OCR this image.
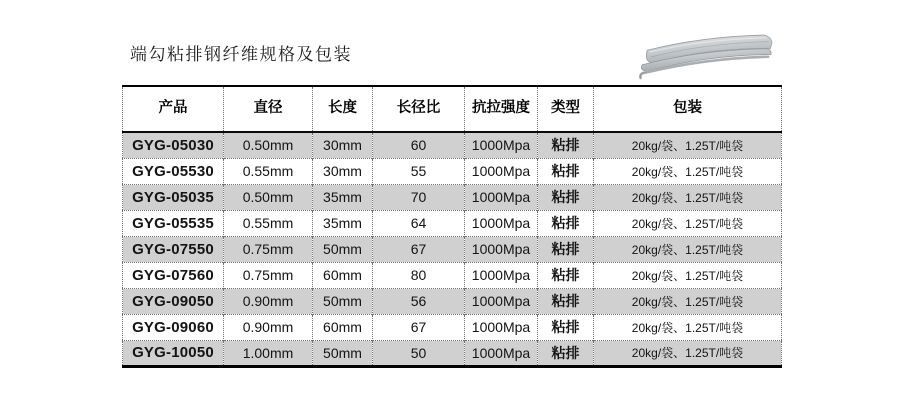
端勾粘排钢纤维规格及包装
产品	直径	长度	长径比	抗拉强度	类型	包装
GYG-05030	0.50mm	30mm	60	1000Mpa	粘排	20kg/袋、1.25T/吨袋
GYG-05530	0.55mm	30mm	55	1000Mpa	粘排	20kg/袋、1.25T/吨袋
GYG-05035	0.50mm	35mm	70	1000Mpa	粘排	20kg/袋、1.25T/吨袋
GYG-05535	0.55mm	35mm	64	1000Mpa	粘排	20kg/袋、1.25T/吨袋
GYG-07550	0.75mm	50mm	67	1000Mpa	粘排	20kg/袋、1.25T/吨袋
GYG-07560	0.75mm	60mm	80	1000Mpa	粘排	20kg/袋、1.25T/吨袋
GYG-09050	0.90mm	50mm	56	1000Mpa	粘排	20kg/袋、1.25T/吨袋
GYG-09060	0.90mm	60mm	67	1000Mpa	粘排	20kg/袋、1.25T/吨袋
GYG-10050	1.00mm	50mm	50	1000Mpa	粘排	20kg/袋、1.25T/吨袋
